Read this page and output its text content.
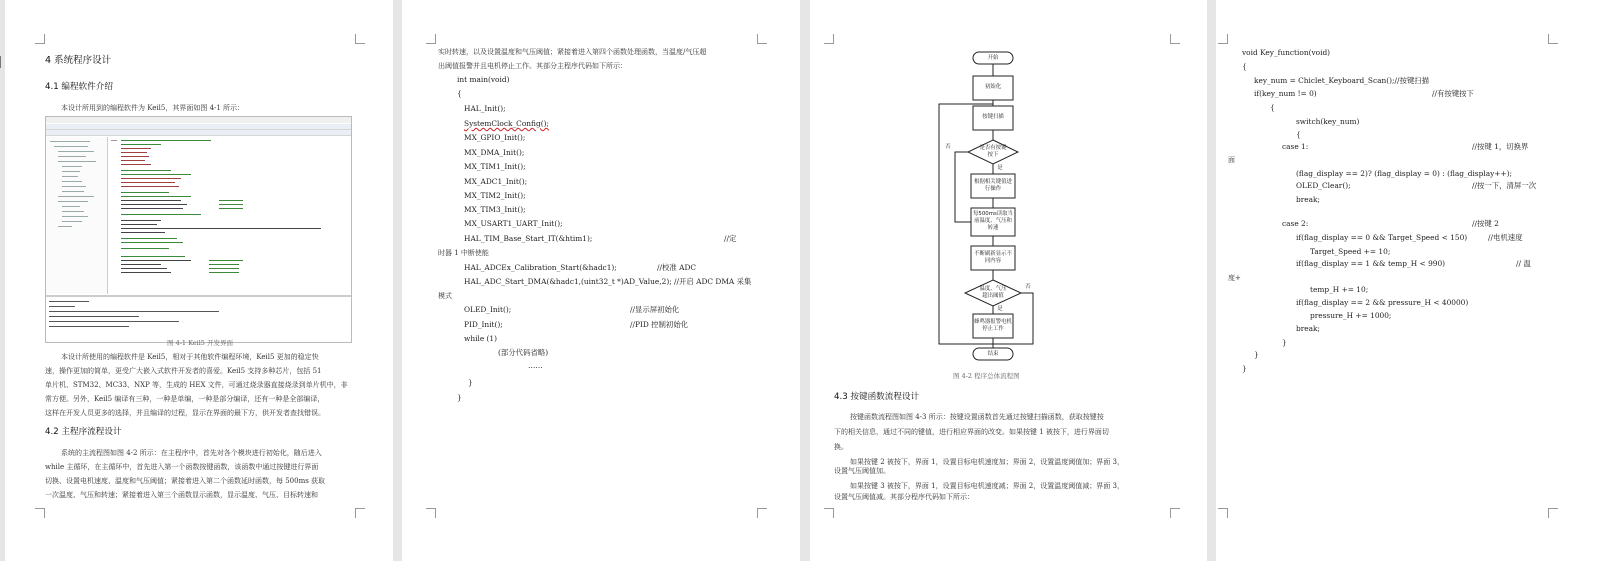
4 系统程序设计
4.1 编程软件介绍
本设计所用到的编程软件为 Keil5，其界面如图 4-1 所示：
图 4-1 Keil5 开发界面
本设计所使用的编程软件是 Keil5，相对于其他软件编程环境，Keil5 更加的稳定快
速，操作更加的简单，更受广大嵌入式软件开发者的喜爱。Keil5 支持多种芯片，包括 51
单片机、STM32、MC33、NXP 等，生成的 HEX 文件，可通过烧录器直接烧录到单片机中，非
常方便。另外，Keil5 编译有三种，一种是单编，一种是部分编译，还有一种是全部编译，
这样在开发人员更多的选择，并且编译的过程，显示在界面的最下方，供开发者查找错误。
4.2 主程序流程设计
系统的主流程图如图 4-2 所示：在主程序中，首先对各个模块进行初始化，随后进入
while 主循环，在主循环中，首先进入第一个函数按键函数，该函数中通过按键进行界面
切换、设置电机速度、温度和气压阈值；紧接着进入第二个函数延时函数，每 500ms 获取
一次温度、气压和转速；紧接着进入第三个函数显示函数，显示温度、气压、目标转速和
实时转速，以及设置温度和气压阈值；紧接着进入第四个函数处理函数，当温度/气压超
出阈值报警并且电机停止工作。其部分主程序代码如下所示：
int main(void)
{
HAL_Init();
SystemClock_Config();
MX_GPIO_Init();
MX_DMA_Init();
MX_TIM1_Init();
MX_ADC1_Init();
MX_TIM2_Init();
MX_TIM3_Init();
MX_USART1_UART_Init();
HAL_TIM_Base_Start_IT(&htim1);	//定
时器 1 中断使能
HAL_ADCEx_Calibration_Start(&hadc1);	//校准 ADC
HAL_ADC_Start_DMA(&hadc1,(uint32_t *)AD_Value,2); //开启 ADC DMA 采集
模式
OLED_Init();	//显示屏初始化
PID_Init();	//PID 控制初始化
while (1)
(部分代码省略)
……
}
}
开始
初始化
按键扫描
是否有按键按下
否
是
根据相关键值进行操作
每500ms读取当前温度、气压和转速
不断刷新显示不同内容
温度、气压超出阈值
否
是
蜂鸣器报警电机停止工作
结束
图 4-2 程序总体流程图
4.3 按键函数流程设计
按键函数流程图如图 4-3 所示：按键设置函数首先通过按键扫描函数，获取按键按
下的相关信息，通过不同的键值，进行相应界面的改变。如果按键 1 被按下，进行界面切
换。
如果按键 2 被按下，界面 1，设置目标电机速度加；界面 2，设置温度阈值加；界面 3，
设置气压阈值加。
如果按键 3 被按下，界面 1，设置目标电机速度减；界面 2，设置温度阈值减；界面 3，
设置气压阈值减。其部分程序代码如下所示：
void Key_function(void)
{
key_num = Chiclet_Keyboard_Scan();//按键扫描
if(key_num != 0)	//有按键按下
{
switch(key_num)
{
case 1:	//按键 1，切换界
面
(flag_display == 2)? (flag_display = 0) : (flag_display++);
OLED_Clear();	//按一下，清屏一次
break;
case 2:	//按键 2
if(flag_display == 0 && Target_Speed < 150)	//电机速度
Target_Speed += 10;
if(flag_display == 1 && temp_H < 990)	// 温
度+
temp_H += 10;
if(flag_display == 2 && pressure_H < 40000)
pressure_H += 1000;
break;
}
}
}
